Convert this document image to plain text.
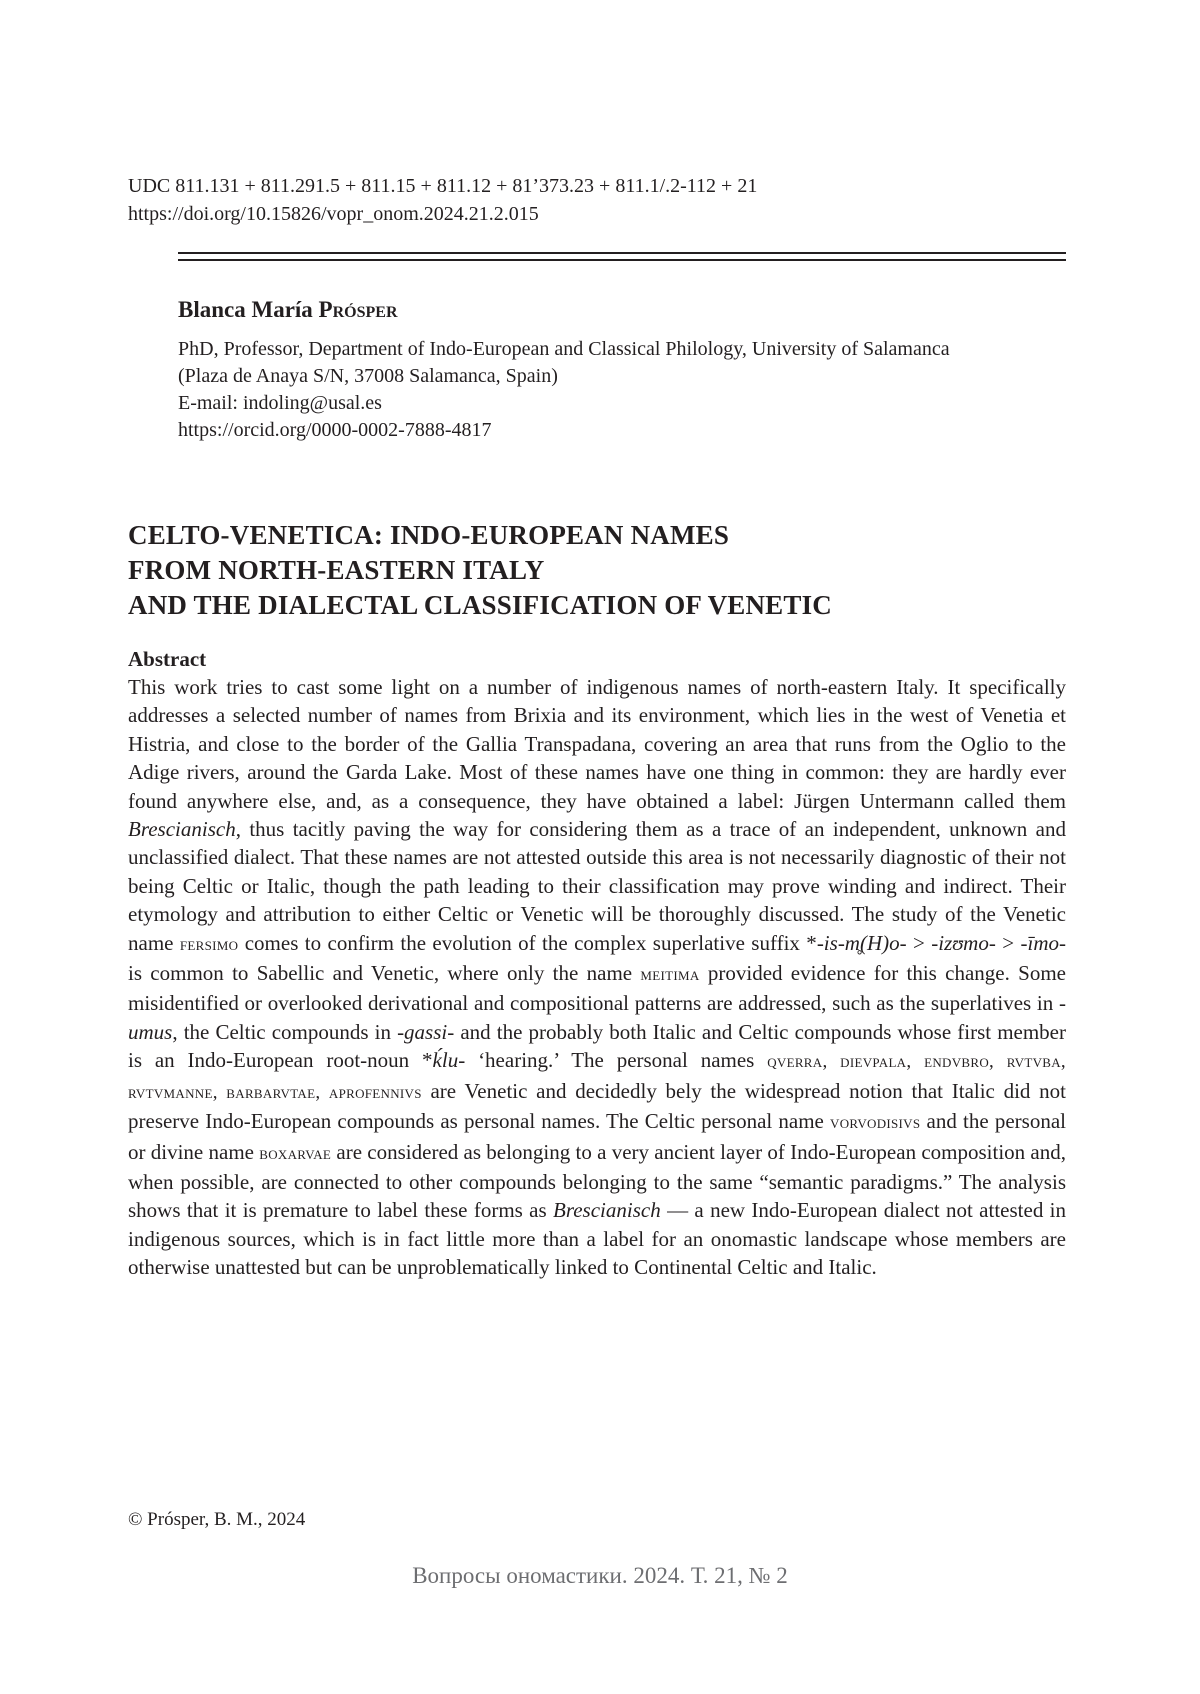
UDC 811.131 + 811.291.5 + 811.15 + 811.12 + 81’373.23 + 811.1/.2-112 + 21
https://doi.org/10.15826/vopr_onom.2024.21.2.015
Blanca María Prósper
PhD, Professor, Department of Indo-European and Classical Philology, University of Salamanca
(Plaza de Anaya S/N, 37008 Salamanca, Spain)
E-mail: indoling@usal.es
https://orcid.org/0000-0002-7888-4817
CELTO-VENETICA: INDO-EUROPEAN NAMES
FROM NORTH-EASTERN ITALY
AND THE DIALECTAL CLASSIFICATION OF VENETIC
Abstract
This work tries to cast some light on a number of indigenous names of north-eastern Italy. It specifically addresses a selected number of names from Brixia and its environment, which lies in the west of Venetia et Histria, and close to the border of the Gallia Transpadana, covering an area that runs from the Oglio to the Adige rivers, around the Garda Lake. Most of these names have one thing in common: they are hardly ever found anywhere else, and, as a consequence, they have obtained a label: Jürgen Untermann called them Brescianisch, thus tacitly paving the way for considering them as a trace of an independent, unknown and unclassified dialect. That these names are not attested outside this area is not necessarily diagnostic of their not being Celtic or Italic, though the path leading to their classification may prove winding and indirect. Their etymology and attribution to either Celtic or Venetic will be thoroughly discussed. The study of the Venetic name fersimo comes to confirm the evolution of the complex superlative suffix *-is-m̥(H)o- > -izʊmo- > -īmo- is common to Sabellic and Venetic, where only the name meitima provided evidence for this change. Some misidentified or overlooked derivational and compositional patterns are addressed, such as the superlatives in -umus, the Celtic compounds in -gassi- and the probably both Italic and Celtic compounds whose first member is an Indo-European root-noun *ḱlu- ‘hearing.’ The personal names qverra, dievpala, endvbro, rvtvba, rvtvmanne, barbarvtae, aprofennivs are Venetic and decidedly bely the widespread notion that Italic did not preserve Indo-European compounds as personal names. The Celtic personal name vorvodisivs and the personal or divine name boxarvae are considered as belonging to a very ancient layer of Indo-European composition and, when possible, are connected to other compounds belonging to the same “semantic paradigms.” The analysis shows that it is premature to label these forms as Brescianisch — a new Indo-European dialect not attested in indigenous sources, which is in fact little more than a label for an onomastic landscape whose members are otherwise unattested but can be unproblematically linked to Continental Celtic and Italic.
© Prósper, B. M., 2024
Вопросы ономастики. 2024. Т. 21, № 2
